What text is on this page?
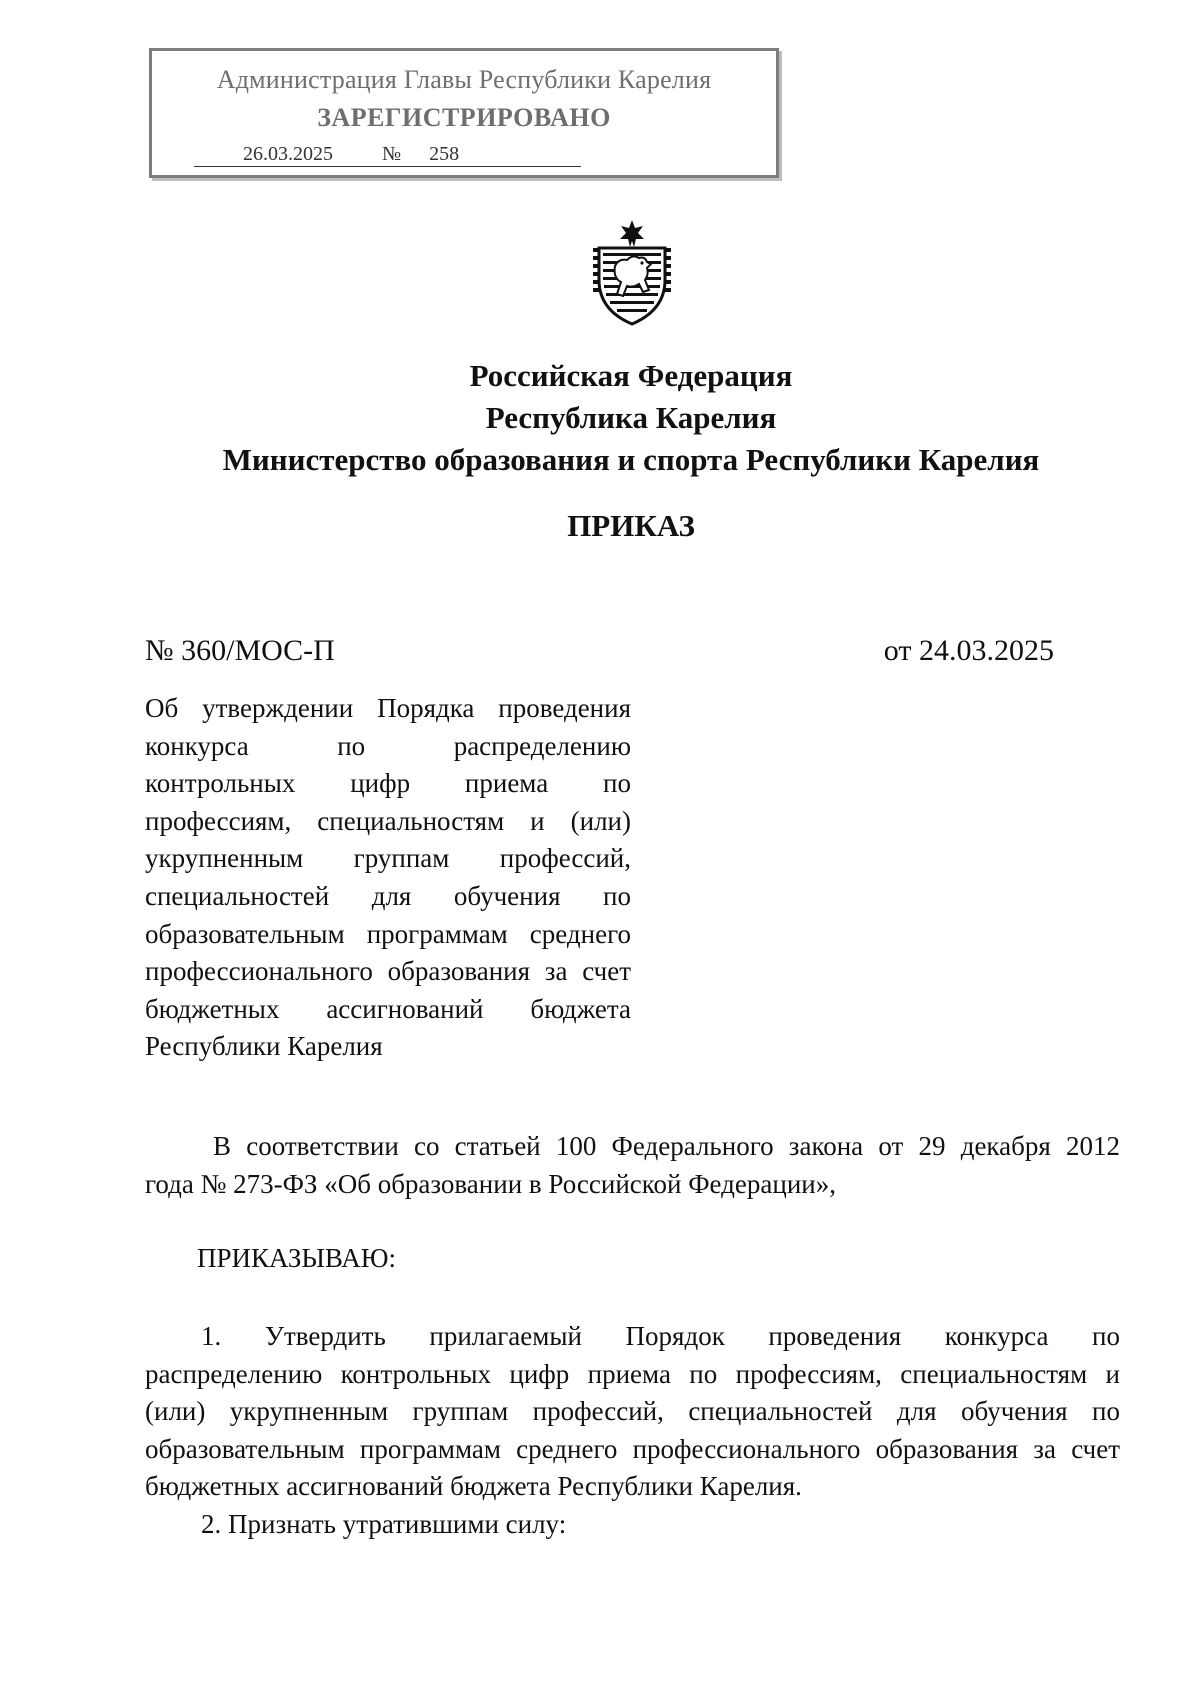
Администрация Главы Республики Карелия
ЗАРЕГИСТРИРОВАНО
26.03.2025 № 258
Российская Федерация
Республика Карелия
Министерство образования и спорта Республики Карелия
ПРИКАЗ
№ 360/МОС-П	от 24.03.2025
Об утверждении Порядка проведения
конкурса по распределению
контрольных цифр приема по
профессиям, специальностям и (или)
укрупненным группам профессий,
специальностей для обучения по
образовательным программам среднего
профессионального образования за счет
бюджетных ассигнований бюджета
Республики Карелия
В соответствии со статьей 100 Федерального закона от 29 декабря 2012
года № 273-ФЗ «Об образовании в Российской Федерации»,
ПРИКАЗЫВАЮ:
1. Утвердить прилагаемый Порядок проведения конкурса по
распределению контрольных цифр приема по профессиям, специальностям и
(или) укрупненным группам профессий, специальностей для обучения по
образовательным программам среднего профессионального образования за счет
бюджетных ассигнований бюджета Республики Карелия.
2. Признать утратившими силу:
